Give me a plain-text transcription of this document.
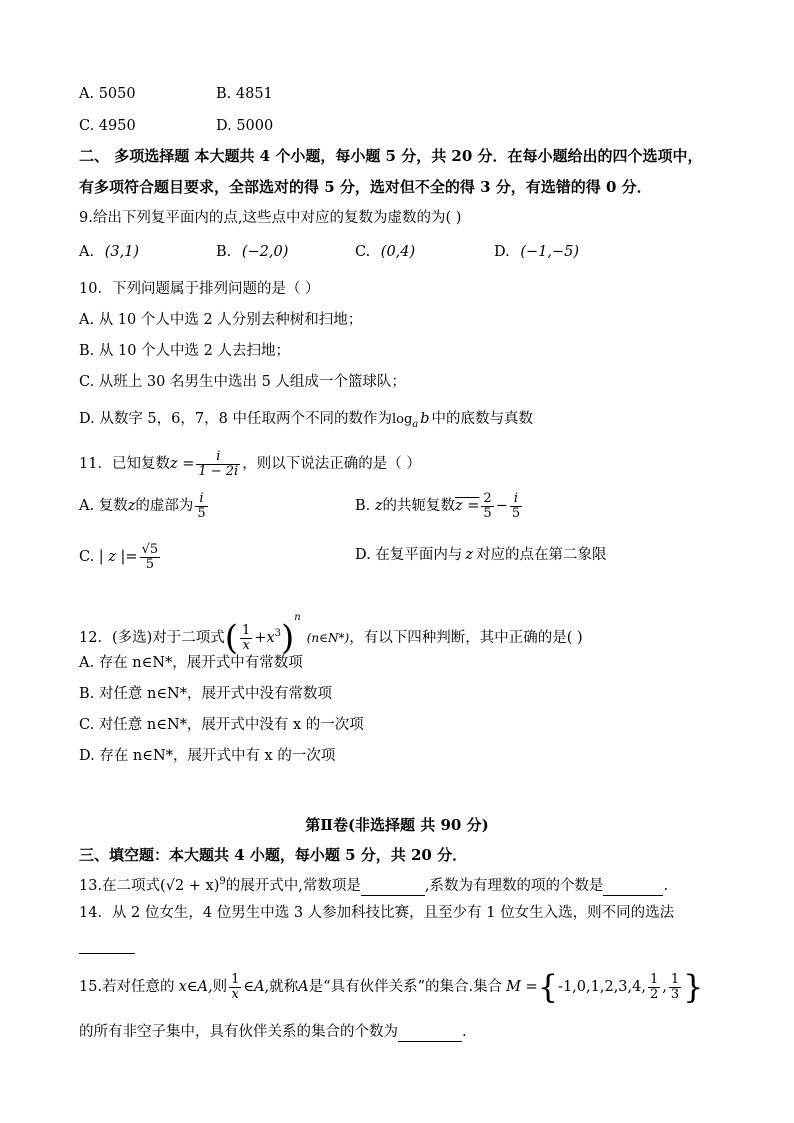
A. 5050	B. 4851
C. 4950	D. 5000
二、 多项选择题 本大题共 4 个小题，每小题 5 分，共 20 分．在每小题给出的四个选项中，
有多项符合题目要求，全部选对的得 5 分，选对但不全的得 3 分，有选错的得 0 分．
9.给出下列复平面内的点,这些点中对应的复数为虚数的为( )
A. (3,1)	B. (−2,0)	C. (0,4)	D. (−1,−5)
10．下列问题属于排列问题的是（ ）
A. 从 10 个人中选 2 人分别去种树和扫地；
B. 从 10 个人中选 2 人去扫地；
C. 从班上 30 名男生中选出 5 人组成一个篮球队；
D. 从数字 5，6，7，8 中任取两个不同的数作为$\log_a b$ 中的底数与真数
11．已知复数$z = \frac{i}{1 - 2i}$ ，则以下说法正确的是（ ）
A. 复数z的虚部为 $\frac{i}{5}$	B. z的共轭复数$z = \frac{2}{5} - \frac{i}{5}$
C. | z |= $\frac{√5}{5}$	D. 在复平面内与 z 对应的点在第二象限
12．(多选)对于二项式( $\frac{1}{x}$ $+x^3)^n(n\in N*)$，有以下四种判断，其中正确的是( )
A. 存在 n∈N*，展开式中有常数项
B. 对任意 n∈N*，展开式中没有常数项
C. 对任意 n∈N*，展开式中没有 x 的一次项
D. 存在 n∈N*，展开式中有 x 的一次项
第Ⅱ卷(非选择题 共 90 分)
三、填空题：本大题共 4 小题，每小题 5 分，共 20 分．
13.在二项式$(√2 + x)^9$的展开式中,常数项是	,系数为有理数的项的个数是	.
14．从 2 位女生，4 位男生中选 3 人参加科技比赛，且至少有 1 位女生入选，则不同的选法
15.若对任意的 x∈A,则 $\frac{1}{x}$ ∈A,就称A是“具有伙伴关系”的集合.集合 M ={-1,0,1,2,3,4, $\frac{1}{2}$ , $\frac{1}{3}$ }
的所有非空子集中，具有伙伴关系的集合的个数为	.
